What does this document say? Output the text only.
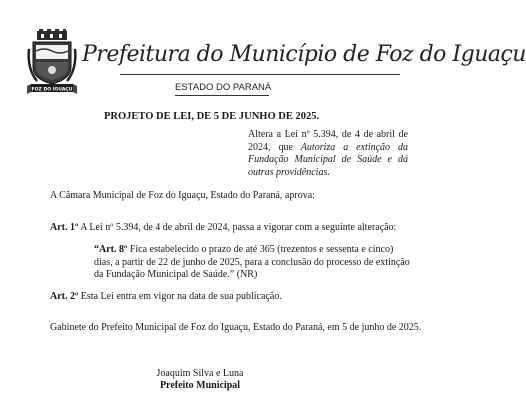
FOZ DO IGUAÇU
Prefeitura do Município de Foz do Iguaçu
ESTADO DO PARANÁ
PROJETO DE LEI, DE 5 DE JUNHO DE 2025.
Altera a Lei nº 5.394, de 4 de abril de 2024, que Autoriza a extinção da Fundação Municipal de Saúde e dá outras providências.
A Câmara Municipal de Foz do Iguaçu, Estado do Paraná, aprova:
Art. 1º A Lei nº 5.394, de 4 de abril de 2024, passa a vigorar com a seguinte alteração:
“Art. 8º Fica estabelecido o prazo de até 365 (trezentos e sessenta e cinco) dias, a partir de 22 de junho de 2025, para a conclusão do processo de extinção da Fundação Municipal de Saúde.” (NR)
Art. 2º Esta Lei entra em vigor na data de sua publicação.
Gabinete do Prefeito Municipal de Foz do Iguaçu, Estado do Paraná, em 5 de junho de 2025.
Joaquim Silva e Luna
Prefeito Municipal
